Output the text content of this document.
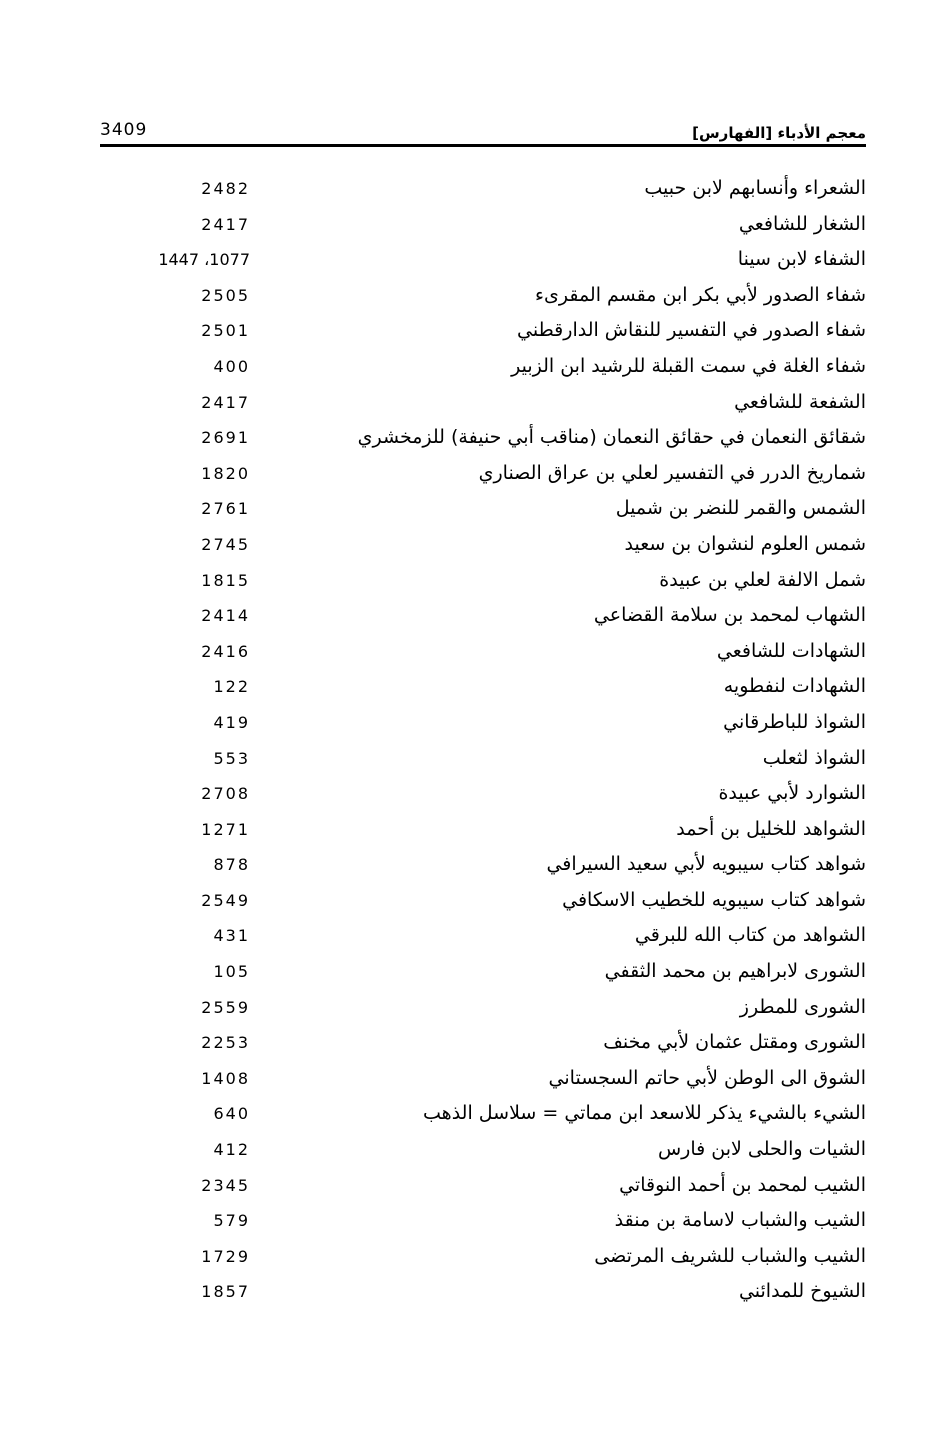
3409	معجم الأدباء [الفهارس]
الشعراء وأنسابهم لابن حبيب
2482
الشغار للشافعي
2417
الشفاء لابن سينا
1447 ،1077
شفاء الصدور لأبي بكر ابن مقسم المقرىء
2505
شفاء الصدور في التفسير للنقاش الدارقطني
2501
شفاء الغلة في سمت القبلة للرشيد ابن الزبير
400
الشفعة للشافعي
2417
شقائق النعمان في حقائق النعمان (مناقب أبي حنيفة) للزمخشري
2691
شماريخ الدرر في التفسير لعلي بن عراق الصناري
1820
الشمس والقمر للنضر بن شميل
2761
شمس العلوم لنشوان بن سعيد
2745
شمل الالفة لعلي بن عبيدة
1815
الشهاب لمحمد بن سلامة القضاعي
2414
الشهادات للشافعي
2416
الشهادات لنفطويه
122
الشواذ للباطرقاني
419
الشواذ لثعلب
553
الشوارد لأبي عبيدة
2708
الشواهد للخليل بن أحمد
1271
شواهد كتاب سيبويه لأبي سعيد السيرافي
878
شواهد كتاب سيبويه للخطيب الاسكافي
2549
الشواهد من كتاب الله للبرقي
431
الشورى لابراهيم بن محمد الثقفي
105
الشورى للمطرز
2559
الشورى ومقتل عثمان لأبي مخنف
2253
الشوق الى الوطن لأبي حاتم السجستاني
1408
الشيء بالشيء يذكر للاسعد ابن مماتي = سلاسل الذهب
640
الشيات والحلى لابن فارس
412
الشيب لمحمد بن أحمد النوقاتي
2345
الشيب والشباب لاسامة بن منقذ
579
الشيب والشباب للشريف المرتضى
1729
الشيوخ للمدائني
1857
